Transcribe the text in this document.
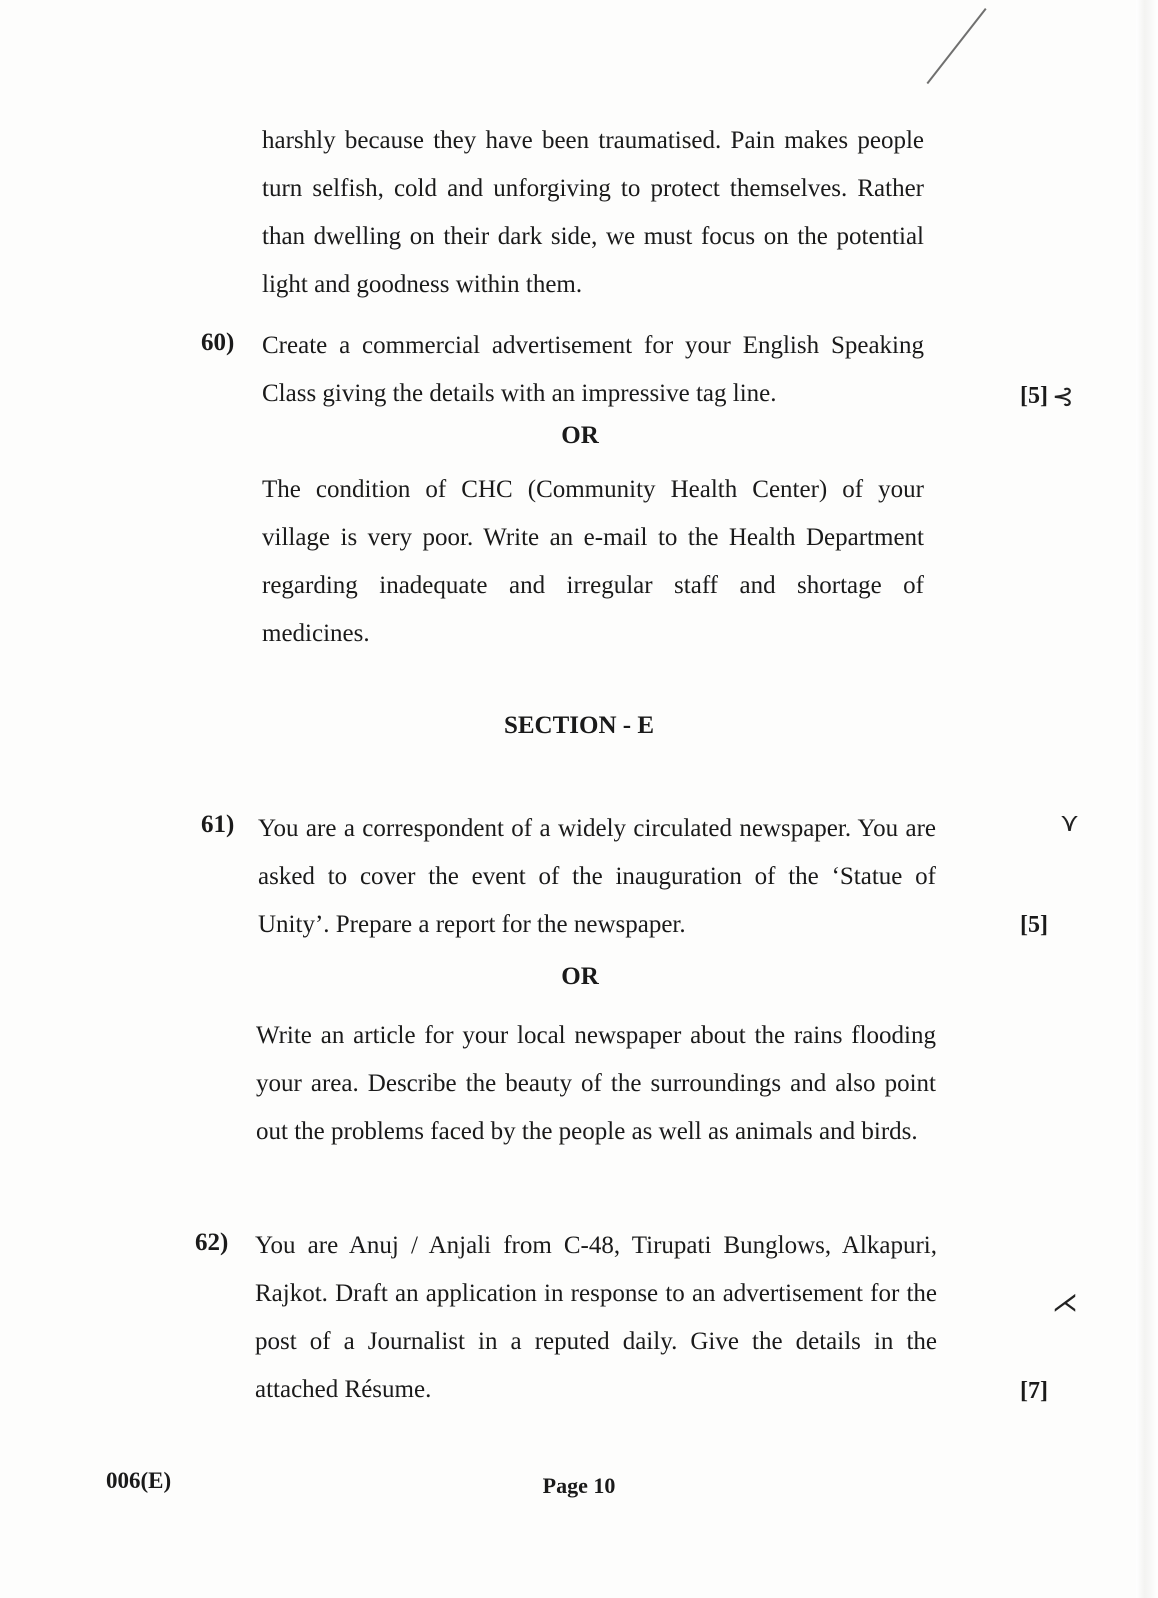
harshly because they have been traumatised. Pain makes people turn selfish, cold and unforgiving to protect themselves. Rather than dwelling on their dark side, we must focus on the potential light and goodness within them.
60) Create a commercial advertisement for your English Speaking Class giving the details with an impressive tag line.	[5] ⊰
OR
The condition of CHC (Community Health Center) of your village is very poor. Write an e-mail to the Health Department regarding inadequate and irregular staff and shortage of medicines.
SECTION - E
61) You are a correspondent of a widely circulated newspaper. You are asked to cover the event of the inauguration of the ‘Statue of Unity’. Prepare a report for the newspaper.	[5]
⋎
OR
Write an article for your local newspaper about the rains flooding your area. Describe the beauty of the surroundings and also point out the problems faced by the people as well as animals and birds.
62) You are Anuj / Anjali from C-48, Tirupati Bunglows, Alkapuri, Rajkot. Draft an application in response to an advertisement for the post of a Journalist in a reputed daily. Give the details in the attached Résume.	[7]
⋌
006(E)	Page 10
